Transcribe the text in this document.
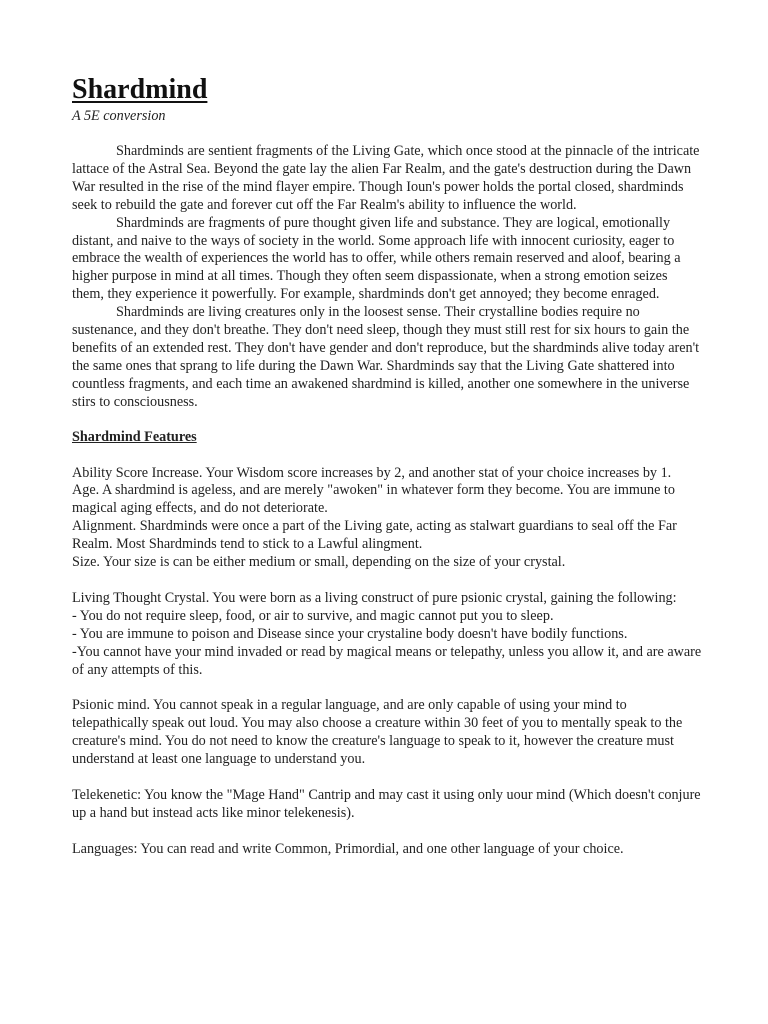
Shardmind
A 5E conversion

Shardminds are sentient fragments of the Living Gate, which once stood at the pinnacle of the intricate lattace of the Astral Sea. Beyond the gate lay the alien Far Realm, and the gate's destruction during the Dawn War resulted in the rise of the mind flayer empire. Though Ioun's power holds the portal closed, shardminds seek to rebuild the gate and forever cut off the Far Realm's ability to influence the world.

Shardminds are fragments of pure thought given life and substance. They are logical, emotionally distant, and naive to the ways of society in the world. Some approach life with innocent curiosity, eager to embrace the wealth of experiences the world has to offer, while others remain reserved and aloof, bearing a higher purpose in mind at all times. Though they often seem dispassionate, when a strong emotion seizes them, they experience it powerfully. For example, shardminds don't get annoyed; they become enraged.

Shardminds are living creatures only in the loosest sense. Their crystalline bodies require no sustenance, and they don't breathe. They don't need sleep, though they must still rest for six hours to gain the benefits of an extended rest. They don't have gender and don't reproduce, but the shardminds alive today aren't the same ones that sprang to life during the Dawn War. Shardminds say that the Living Gate shattered into countless fragments, and each time an awakened shardmind is killed, another one somewhere in the universe stirs to consciousness.

Shardmind Features

Ability Score Increase. Your Wisdom score increases by 2, and another stat of your choice increases by 1.

Age. A shardmind is ageless, and are merely "awoken" in whatever form they become. You are immune to magical aging effects, and do not deteriorate.

Alignment. Shardminds were once a part of the Living gate, acting as stalwart guardians to seal off the Far Realm. Most Shardminds tend to stick to a Lawful alingment.

Size. Your size is can be either medium or small, depending on the size of your crystal.

Living Thought Crystal. You were born as a living construct of pure psionic crystal, gaining the following:

- You do not require sleep, food, or air to survive, and magic cannot put you to sleep.

- You are immune to poison and Disease since your crystaline body doesn't have bodily functions.

-You cannot have your mind invaded or read by magical means or telepathy, unless you allow it, and are aware of any attempts of this.

Psionic mind. You cannot speak in a regular language, and are only capable of using your mind to telepathically speak out loud. You may also choose a creature within 30 feet of you to mentally speak to the creature's mind. You do not need to know the creature's language to speak to it, however the creature must understand at least one language to understand you.

Telekenetic: You know the "Mage Hand" Cantrip and may cast it using only uour mind (Which doesn't conjure up a hand but instead acts like minor telekenesis).

Languages: You can read and write Common, Primordial, and one other language of your choice.
